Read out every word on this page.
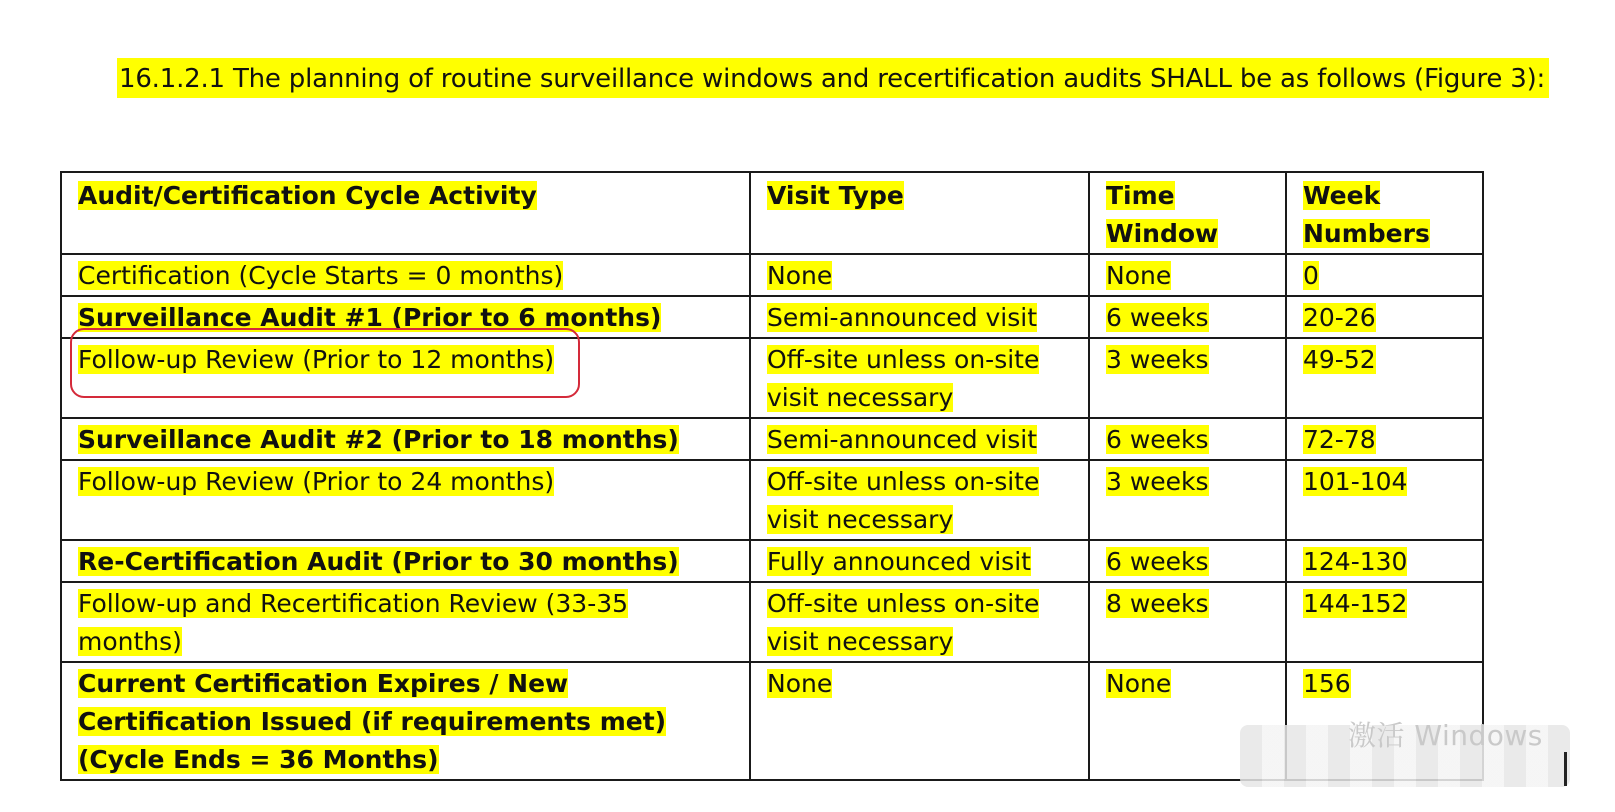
16.1.2.1 The planning of routine surveillance windows and recertification audits SHALL be as follows (Figure 3):
Audit/Certification Cycle Activity	Visit Type	Time Window	Week Numbers
Certification (Cycle Starts = 0 months)	None	None	0
Surveillance Audit #1 (Prior to 6 months)	Semi-announced visit	6 weeks	20-26
Follow-up Review (Prior to 12 months)	Off-site unless on-site visit necessary	3 weeks	49-52
Surveillance Audit #2 (Prior to 18 months)	Semi-announced visit	6 weeks	72-78
Follow-up Review (Prior to 24 months)	Off-site unless on-site visit necessary	3 weeks	101-104
Re-Certification Audit (Prior to 30 months)	Fully announced visit	6 weeks	124-130
Follow-up and Recertification Review (33-35 months)	Off-site unless on-site visit necessary	8 weeks	144-152
Current Certification Expires / New Certification Issued (if requirements met) (Cycle Ends = 36 Months)	None	None	156
激活 Windows
